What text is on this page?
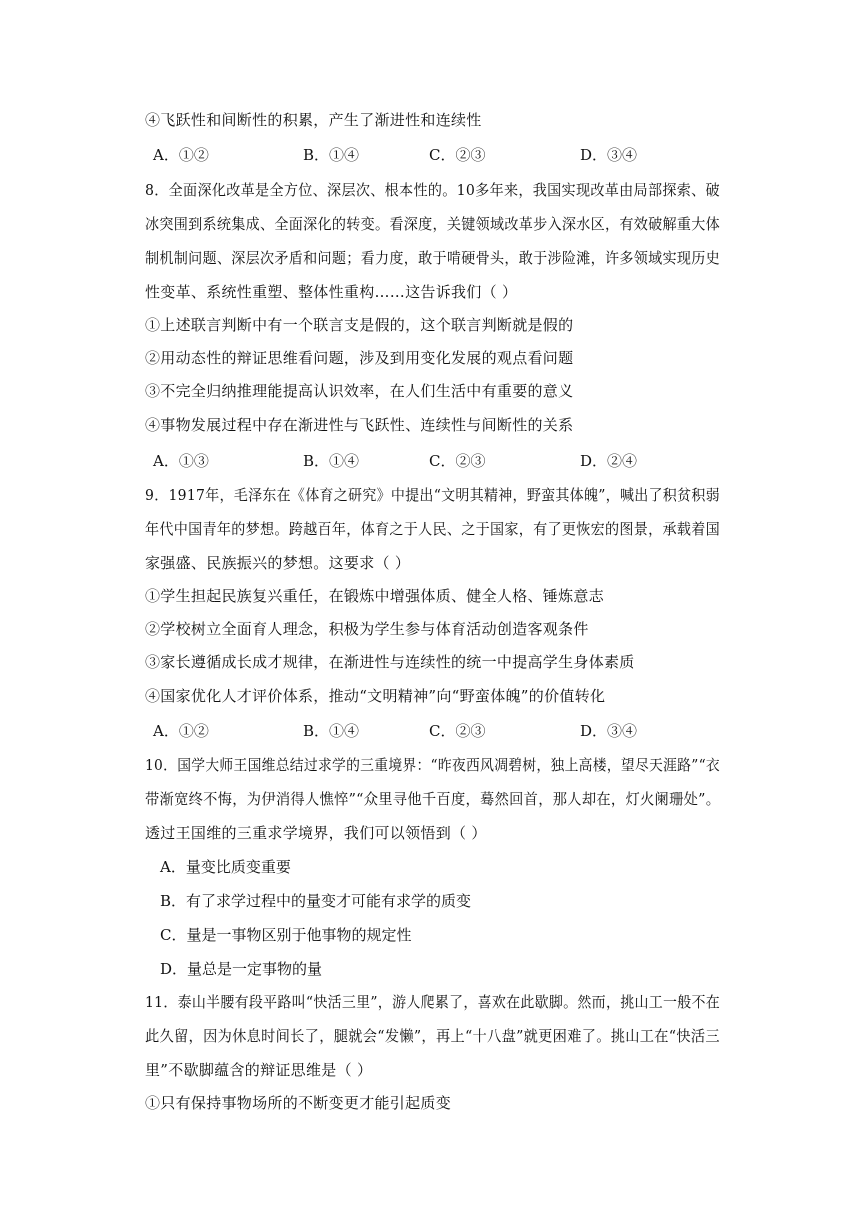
④飞跃性和间断性的积累，产生了渐进性和连续性
A．①②	B．①④	C．②③	D．③④
8．全面深化改革是全方位、深层次、根本性的。10多年来，我国实现改革由局部探索、破
冰突围到系统集成、全面深化的转变。看深度，关键领域改革步入深水区，有效破解重大体
制机制问题、深层次矛盾和问题；看力度，敢于啃硬骨头，敢于涉险滩，许多领域实现历史
性变革、系统性重塑、整体性重构……这告诉我们（ ）
①上述联言判断中有一个联言支是假的，这个联言判断就是假的
②用动态性的辩证思维看问题，涉及到用变化发展的观点看问题
③不完全归纳推理能提高认识效率，在人们生活中有重要的意义
④事物发展过程中存在渐进性与飞跃性、连续性与间断性的关系
A．①③	B．①④	C．②③	D．②④
9．1917年，毛泽东在《体育之研究》中提出“文明其精神，野蛮其体魄”，喊出了积贫积弱
年代中国青年的梦想。跨越百年，体育之于人民、之于国家，有了更恢宏的图景，承载着国
家强盛、民族振兴的梦想。这要求（ ）
①学生担起民族复兴重任，在锻炼中增强体质、健全人格、锤炼意志
②学校树立全面育人理念，积极为学生参与体育活动创造客观条件
③家长遵循成长成才规律，在渐进性与连续性的统一中提高学生身体素质
④国家优化人才评价体系，推动“文明精神”向“野蛮体魄”的价值转化
A．①②	B．①④	C．②③	D．③④
10．国学大师王国维总结过求学的三重境界：“昨夜西风凋碧树，独上高楼，望尽天涯路”“衣
带渐宽终不悔，为伊消得人憔悴”“众里寻他千百度，蓦然回首，那人却在，灯火阑珊处”。
透过王国维的三重求学境界，我们可以领悟到（ ）
A．量变比质变重要
B．有了求学过程中的量变才可能有求学的质变
C．量是一事物区别于他事物的规定性
D．量总是一定事物的量
11．泰山半腰有段平路叫“快活三里”，游人爬累了，喜欢在此歇脚。然而，挑山工一般不在
此久留，因为休息时间长了，腿就会“发懒”，再上“十八盘”就更困难了。挑山工在“快活三
里”不歇脚蕴含的辩证思维是（ ）
①只有保持事物场所的不断变更才能引起质变
